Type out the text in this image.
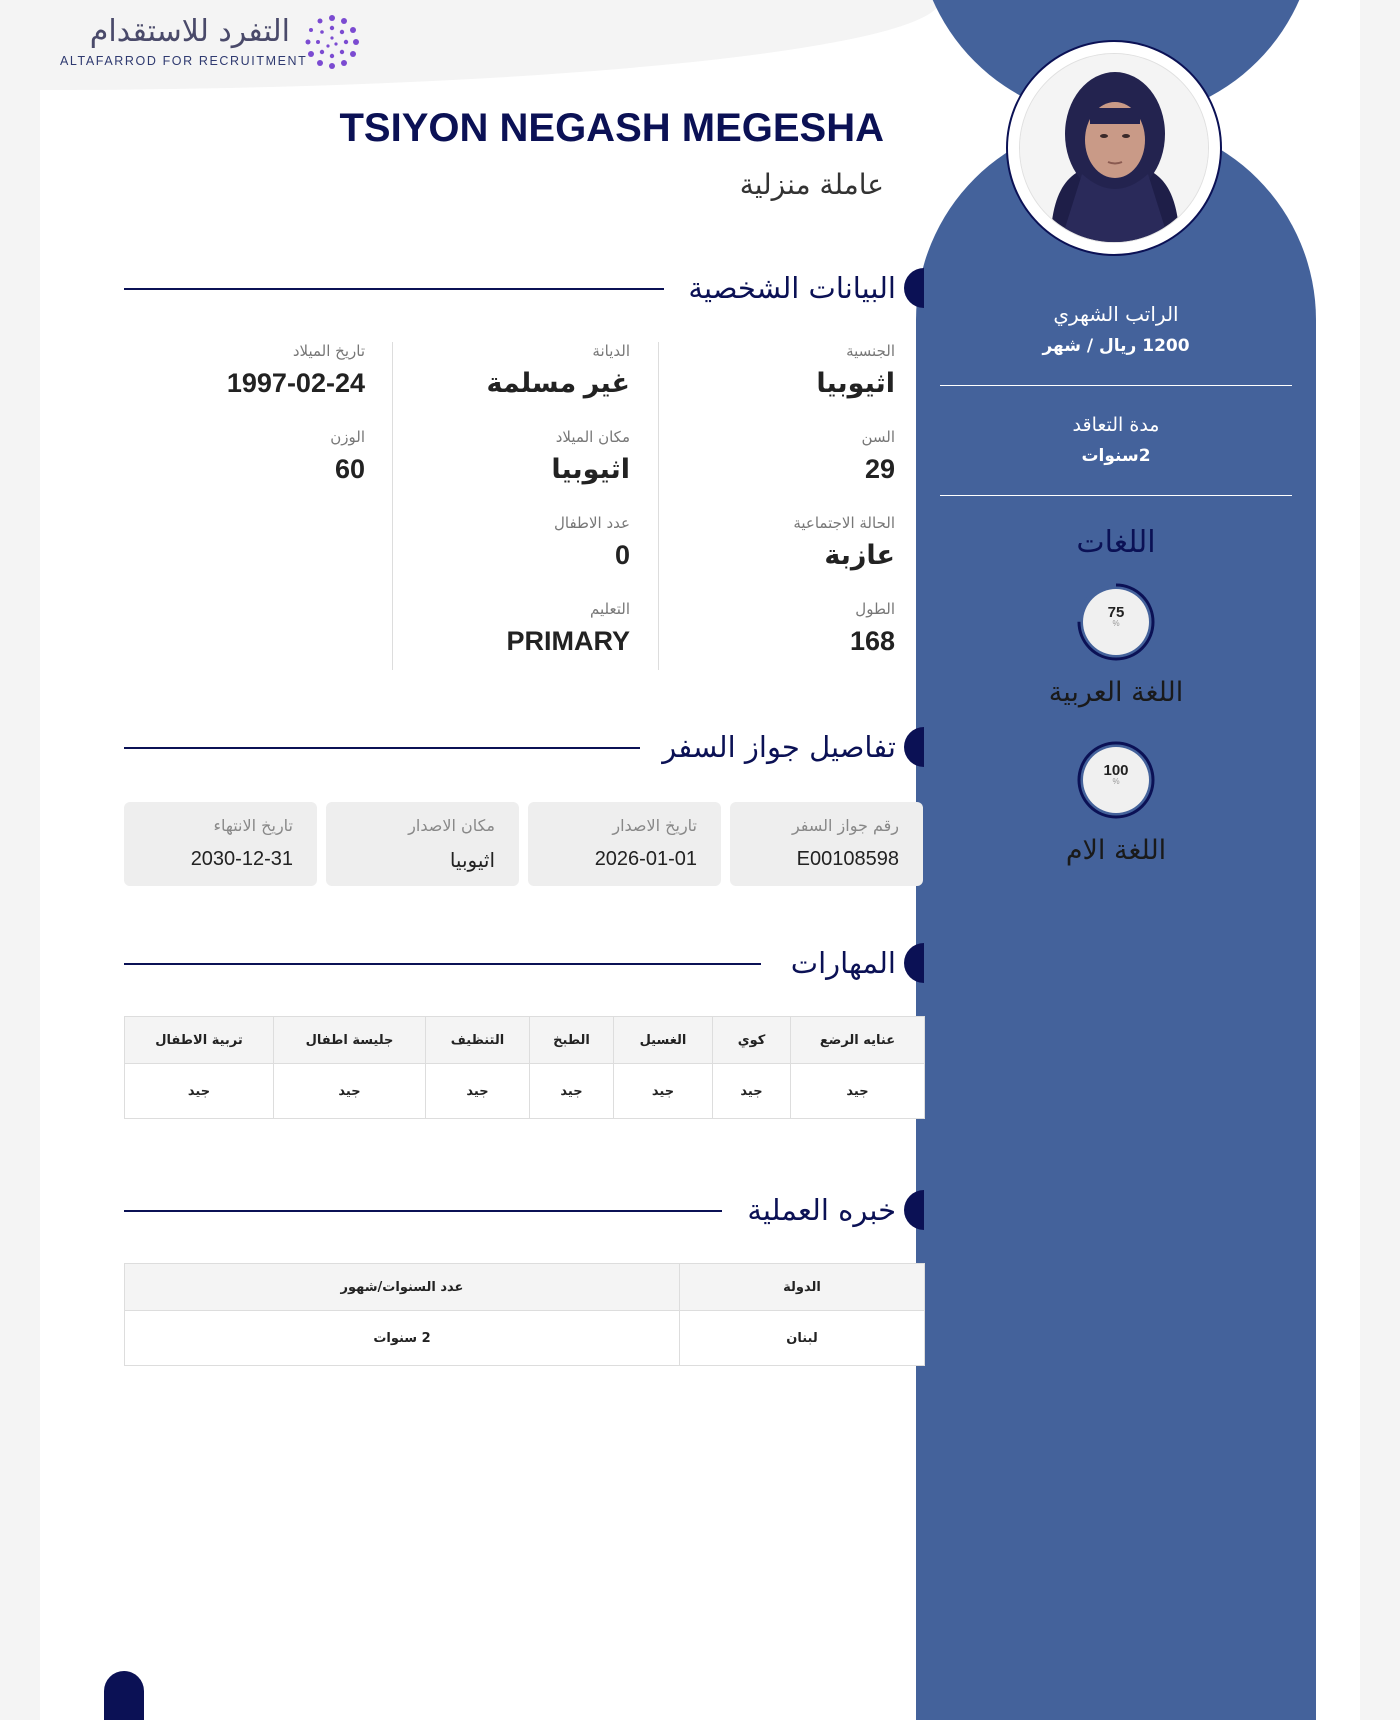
التفرد للاستقدام
ALTAFARROD FOR RECRUITMENT
TSIYON NEGASH MEGESHA
عاملة منزلية
البيانات الشخصية
الجنسية
اثيوبيا
السن
29
الحالة الاجتماعية
عازبة
الطول
168
الديانة
غير مسلمة
مكان الميلاد
اثيوبيا
عدد الاطفال
0
التعليم
PRIMARY
تاريخ الميلاد
1997-02-24
الوزن
60
تفاصيل جواز السفر
رقم جواز السفر
E00108598
تاريخ الاصدار
2026-01-01
مكان الاصدار
اثيوبيا
تاريخ الانتهاء
2030-12-31
المهارات
عنايه الرضع	كوي	الغسيل	الطبخ	التنظيف	جليسة اطفال	تربية الاطفال
جيد	جيد	جيد	جيد	جيد	جيد	جيد
خبره العملية
الدولة	عدد السنوات/شهور
لبنان	2 سنوات
الراتب الشهري
1200 ريال / شهر
مدة التعاقد
2سنوات
اللغات
75
%
اللغة العربية
100
%
اللغة الام
